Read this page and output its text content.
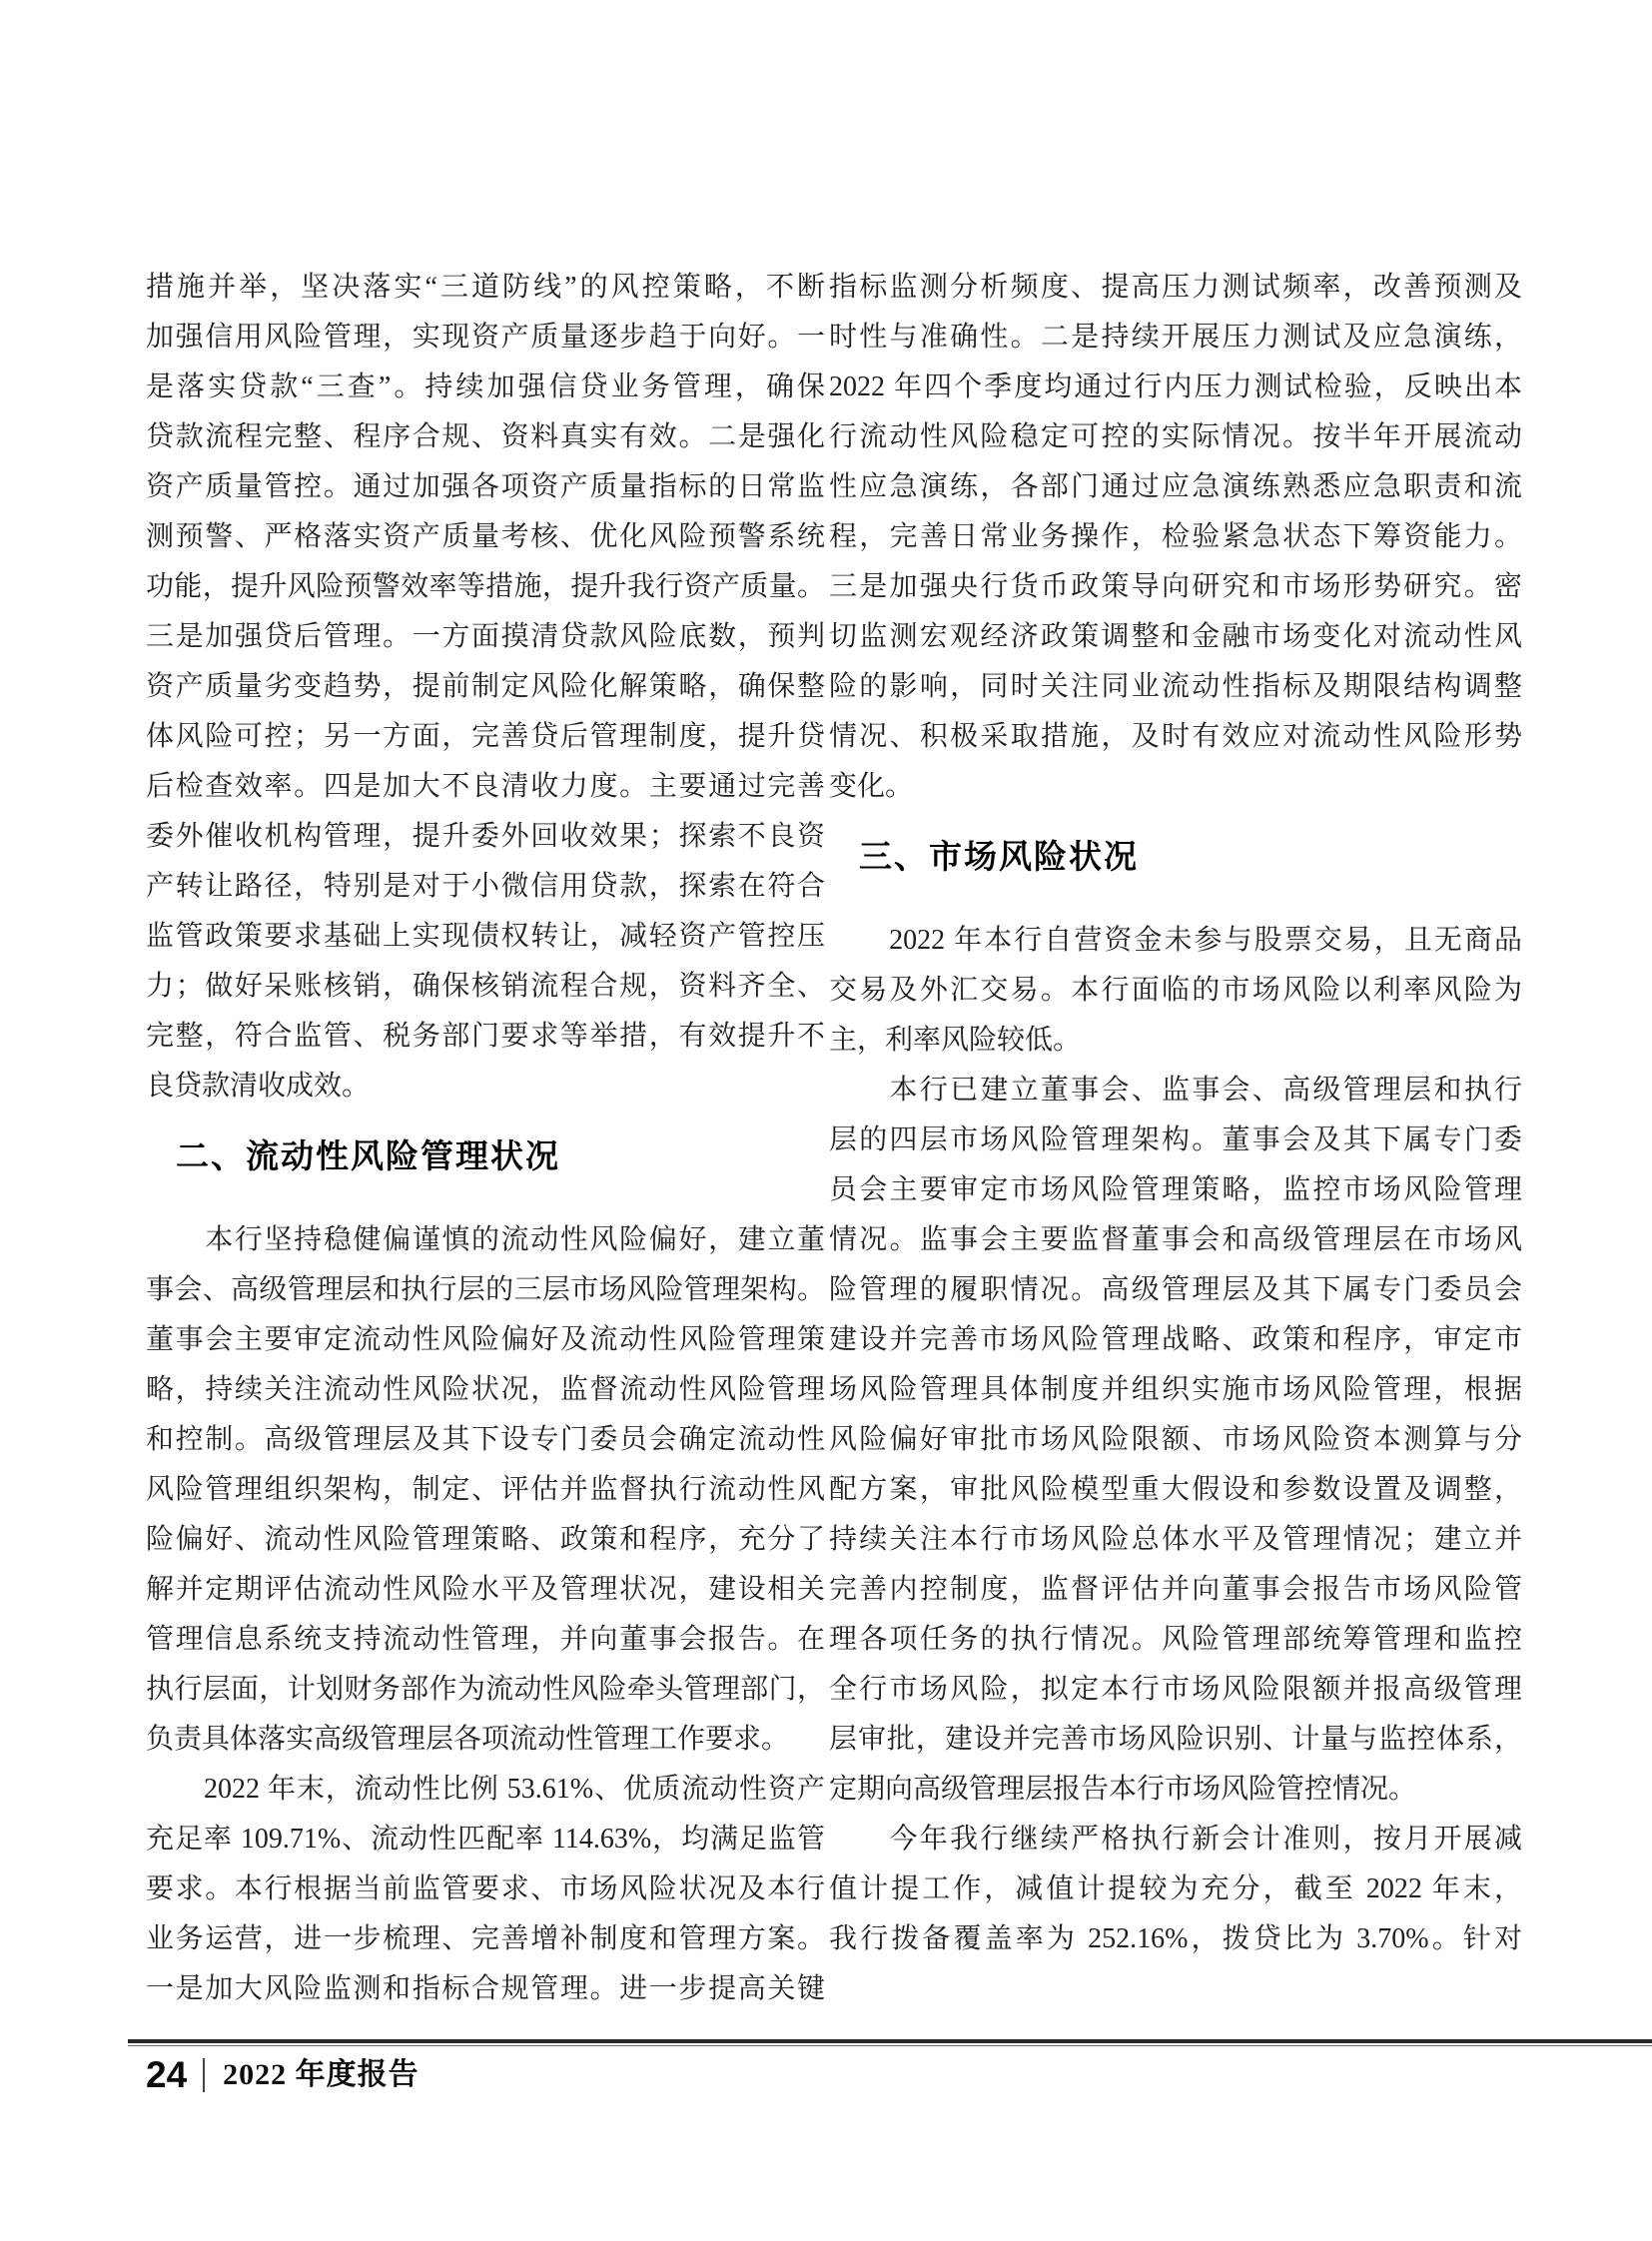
措施并举，坚决落实“三道防线”的风控策略，不断
加强信用风险管理，实现资产质量逐步趋于向好。一
是落实贷款“三查”。持续加强信贷业务管理，确保
贷款流程完整、程序合规、资料真实有效。二是强化
资产质量管控。通过加强各项资产质量指标的日常监
测预警、严格落实资产质量考核、优化风险预警系统
功能，提升风险预警效率等措施，提升我行资产质量。
三是加强贷后管理。一方面摸清贷款风险底数，预判
资产质量劣变趋势，提前制定风险化解策略，确保整
体风险可控；另一方面，完善贷后管理制度，提升贷
后检查效率。四是加大不良清收力度。主要通过完善
委外催收机构管理，提升委外回收效果；探索不良资
产转让路径，特别是对于小微信用贷款，探索在符合
监管政策要求基础上实现债权转让，减轻资产管控压
力；做好呆账核销，确保核销流程合规，资料齐全、
完整，符合监管、税务部门要求等举措，有效提升不
良贷款清收成效。
二、流动性风险管理状况
　　本行坚持稳健偏谨慎的流动性风险偏好，建立董
事会、高级管理层和执行层的三层市场风险管理架构。
董事会主要审定流动性风险偏好及流动性风险管理策
略，持续关注流动性风险状况，监督流动性风险管理
和控制。高级管理层及其下设专门委员会确定流动性
风险管理组织架构，制定、评估并监督执行流动性风
险偏好、流动性风险管理策略、政策和程序，充分了
解并定期评估流动性风险水平及管理状况，建设相关
管理信息系统支持流动性管理，并向董事会报告。在
执行层面，计划财务部作为流动性风险牵头管理部门，
负责具体落实高级管理层各项流动性管理工作要求。
　　2022 年末，流动性比例 53.61%、优质流动性资产
充足率 109.71%、流动性匹配率 114.63%，均满足监管
要求。本行根据当前监管要求、市场风险状况及本行
业务运营，进一步梳理、完善增补制度和管理方案。
一是加大风险监测和指标合规管理。进一步提高关键
指标监测分析频度、提高压力测试频率，改善预测及
时性与准确性。二是持续开展压力测试及应急演练，
2022 年四个季度均通过行内压力测试检验，反映出本
行流动性风险稳定可控的实际情况。按半年开展流动
性应急演练，各部门通过应急演练熟悉应急职责和流
程，完善日常业务操作，检验紧急状态下筹资能力。
三是加强央行货币政策导向研究和市场形势研究。密
切监测宏观经济政策调整和金融市场变化对流动性风
险的影响，同时关注同业流动性指标及期限结构调整
情况、积极采取措施，及时有效应对流动性风险形势
变化。
三、市场风险状况
　　2022 年本行自营资金未参与股票交易，且无商品
交易及外汇交易。本行面临的市场风险以利率风险为
主，利率风险较低。
　　本行已建立董事会、监事会、高级管理层和执行
层的四层市场风险管理架构。董事会及其下属专门委
员会主要审定市场风险管理策略，监控市场风险管理
情况。监事会主要监督董事会和高级管理层在市场风
险管理的履职情况。高级管理层及其下属专门委员会
建设并完善市场风险管理战略、政策和程序，审定市
场风险管理具体制度并组织实施市场风险管理，根据
风险偏好审批市场风险限额、市场风险资本测算与分
配方案，审批风险模型重大假设和参数设置及调整，
持续关注本行市场风险总体水平及管理情况；建立并
完善内控制度，监督评估并向董事会报告市场风险管
理各项任务的执行情况。风险管理部统筹管理和监控
全行市场风险，拟定本行市场风险限额并报高级管理
层审批，建设并完善市场风险识别、计量与监控体系，
定期向高级管理层报告本行市场风险管控情况。
　　今年我行继续严格执行新会计准则，按月开展减
值计提工作，减值计提较为充分，截至 2022 年末，
我行拨备覆盖率为 252.16%，拨贷比为 3.70%。针对
24 2022 年度报告
